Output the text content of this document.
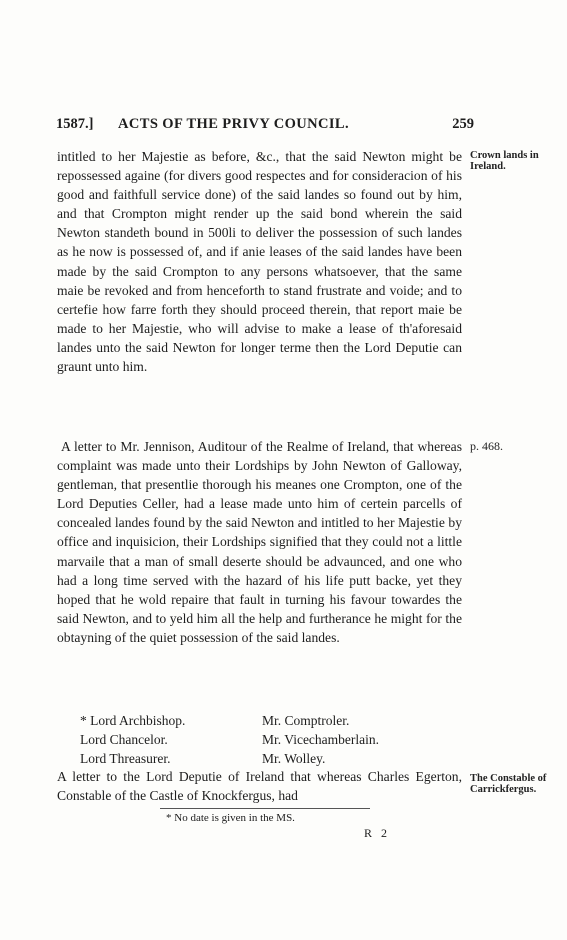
1587.] ACTS OF THE PRIVY COUNCIL.	259

intitled to her Majestie as before, &c., that the said Newton might be repossessed againe (for divers good respectes and for consideracion of his good and faithfull service done) of the said landes so found out by him, and that Crompton might render up the said bond wherein the said Newton standeth bound in 500li to deliver the possession of such landes as he now is possessed of, and if anie leases of the said landes have been made by the said Crompton to any persons whatsoever, that the same maie be revoked and from henceforth to stand frustrate and voide; and to certefie how farre forth they should proceed therein, that report maie be made to her Majestie, who will advise to make a lease of th'aforesaid landes unto the said Newton for longer terme then the Lord Deputie can graunt unto him.

Crown lands in Ireland.

A letter to Mr. Jennison, Auditour of the Realme of Ireland, that whereas complaint was made unto their Lordships by John Newton of Galloway, gentleman, that presentlie thorough his meanes one Crompton, one of the Lord Deputies Celler, had a lease made unto him of certein parcells of concealed landes found by the said Newton and intitled to her Majestie by office and inquisicion, their Lordships signified that they could not a little marvaile that a man of small deserte should be advaunced, and one who had a long time served with the hazard of his life putt backe, yet they hoped that he wold repaire that fault in turning his favour towardes the said Newton, and to yeld him all the help and furtherance he might for the obtayning of the quiet possession of the said landes.

p. 468.
* Lord Archbishop.
Lord Chancelor.
Lord Threasurer.
Mr. Comptroler.
Mr. Vicechamberlain.
Mr. Wolley.

A letter to the Lord Deputie of Ireland that whereas Charles Egerton, Constable of the Castle of Knockfergus, had

The Constable of Carrickfergus.
* No date is given in the MS.
R 2
